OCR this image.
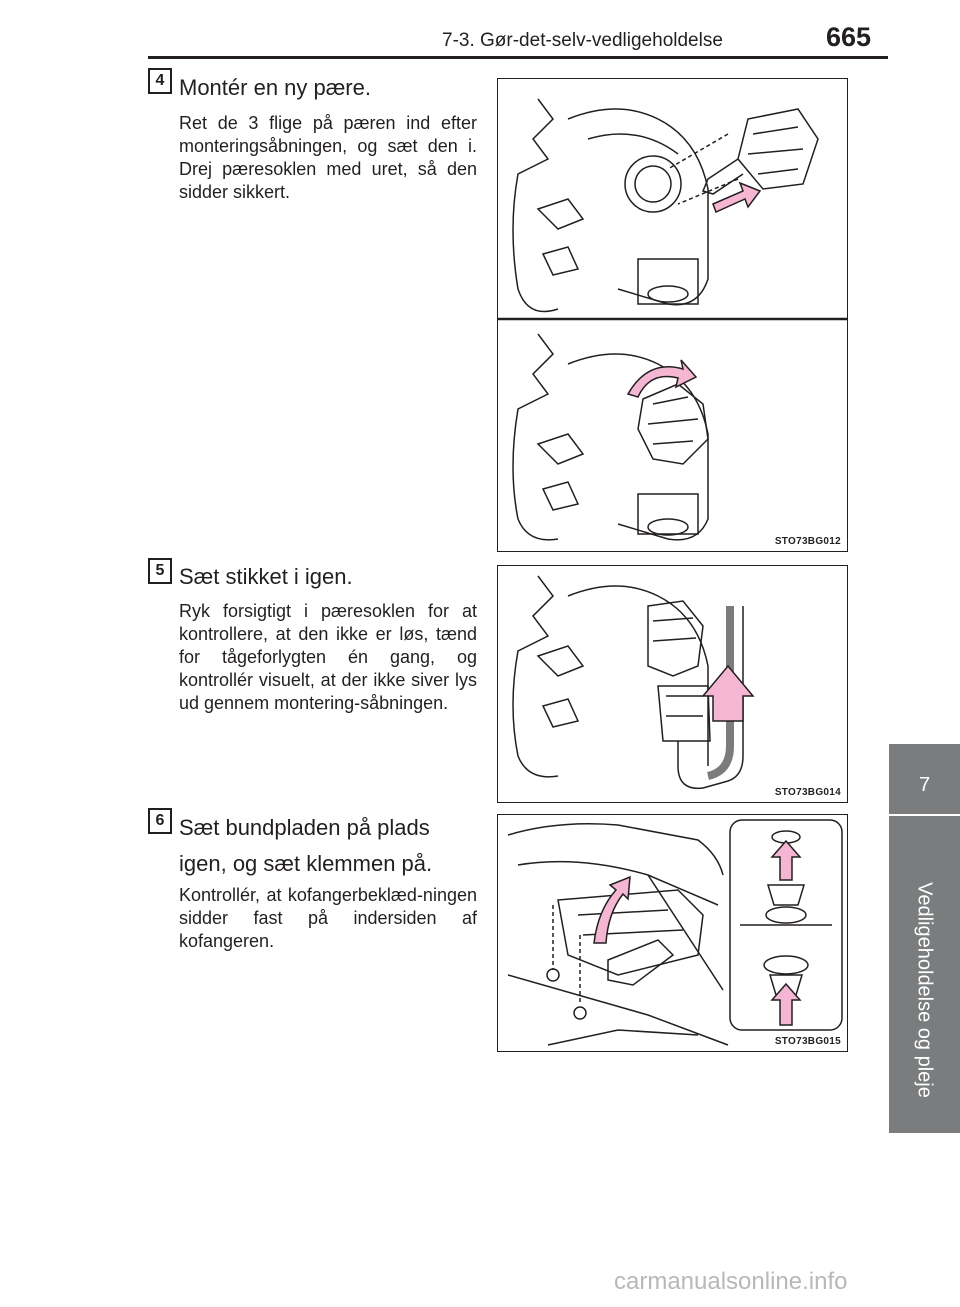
7-3. Gør-det-selv-vedligeholdelse	665
7
Vedligeholdelse og pleje
4 Montér en ny pære.
Ret de 3 flige på pæren ind efter monteringsåbningen, og sæt den i. Drej pæresoklen med uret, så den sidder sikkert.
STO73BG012
5 Sæt stikket i igen.
Ryk forsigtigt i pæresoklen for at kontrollere, at den ikke er løs, tænd for tågeforlygten én gang, og kontrollér visuelt, at der ikke siver lys ud gennem montering-såbningen.
STO73BG014
6 Sæt bundpladen på plads igen, og sæt klemmen på.
Kontrollér, at kofangerbeklæd-ningen sidder fast på indersiden af kofangeren.
STO73BG015
carmanualsonline.info
